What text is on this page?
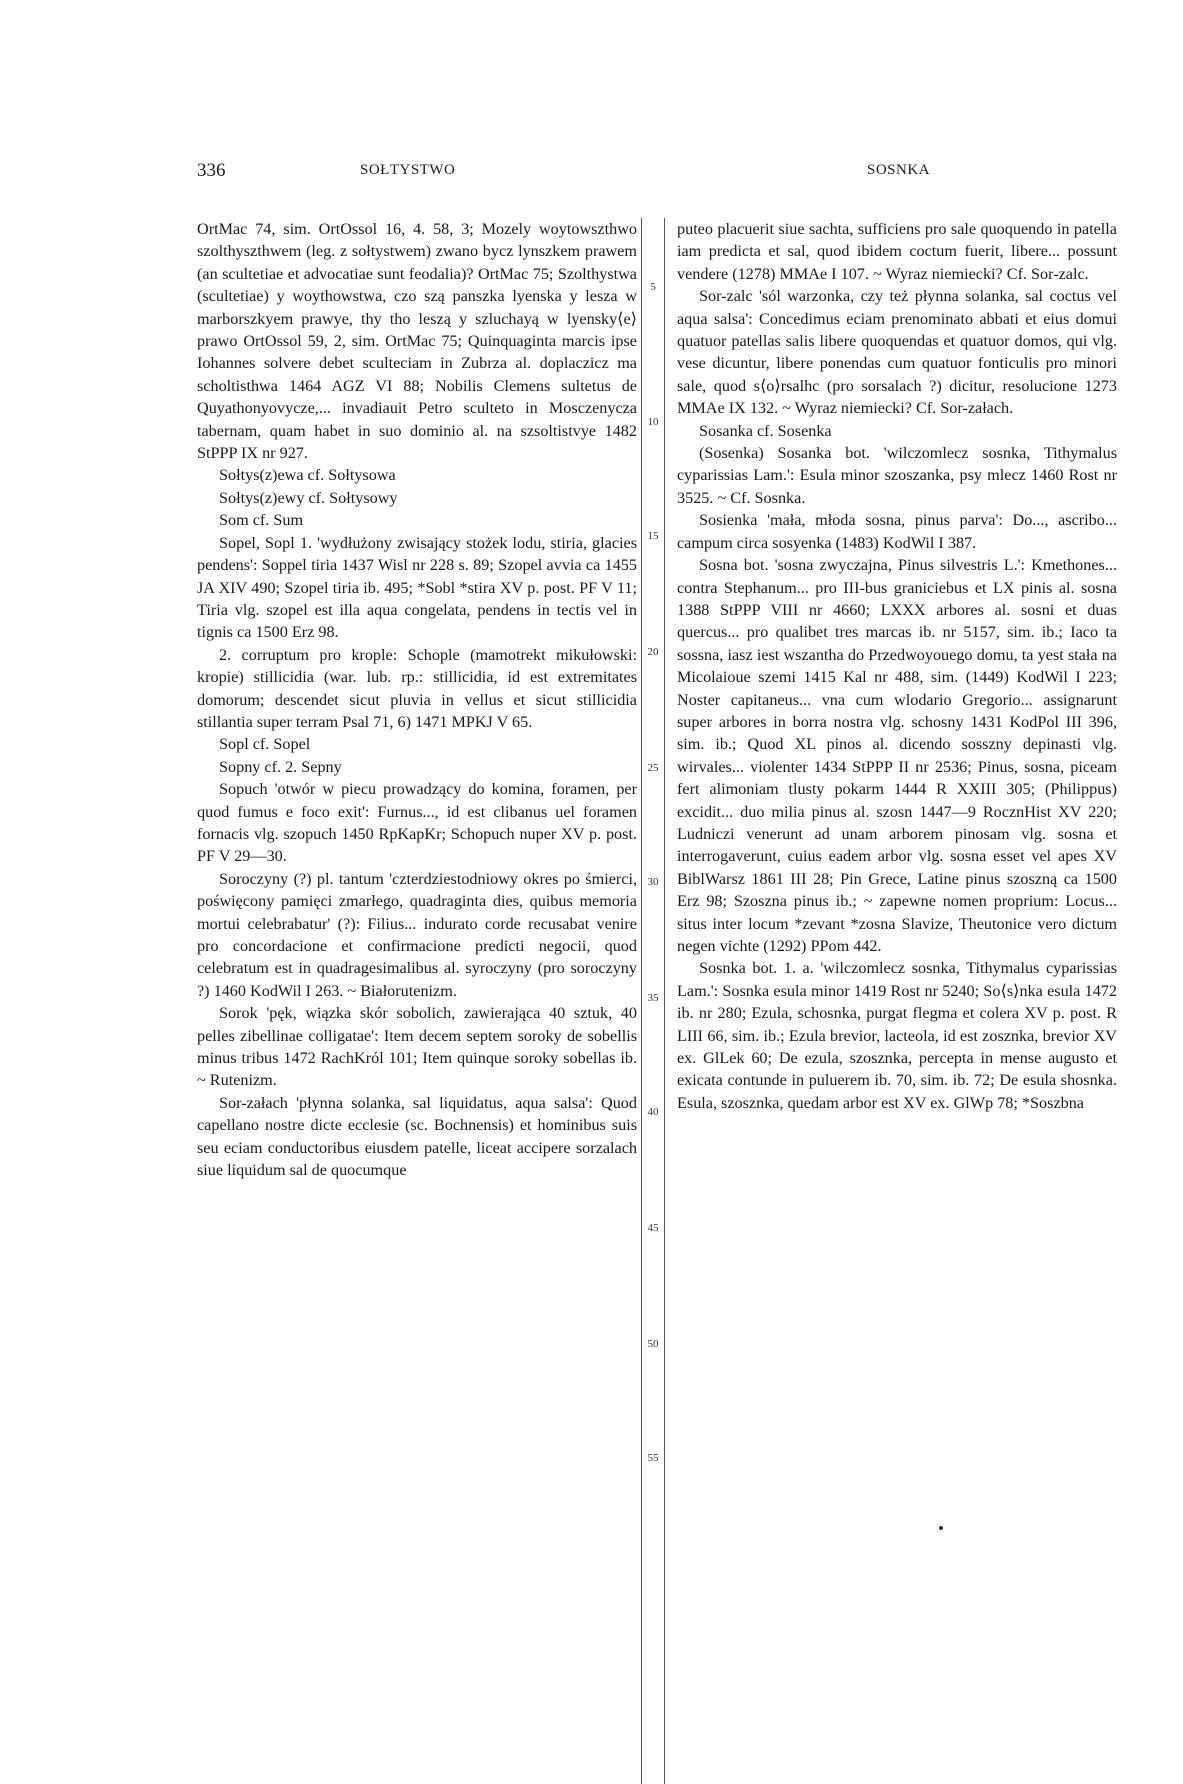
336	SOŁTYSTWO	SOSNKA

OrtMac 74, sim. OrtOssol 16, 4. 58, 3; Mozely woytowszthwo szolthyszthwem (leg. z sołtystwem) zwano bycz lynszkem prawem (an scultetiae et advocatiae sunt feodalia)? OrtMac 75; Szolthystwa (scultetiae) y woythowstwa, czo szą panszka lyenska y lesza w marborszkyem prawye, thy tho leszą y szluchayą w lyensky⟨e⟩ prawo OrtOssol 59, 2, sim. OrtMac 75; Quinquaginta marcis ipse Iohannes solvere debet sculteciam in Zubrza al. doplaczicz ma scholtisthwa 1464 AGZ VI 88; Nobilis Clemens sultetus de Quyathonyovycze,... invadiauit Petro sculteto in Mosczenycza tabernam, quam habet in suo dominio al. na szsoltistvye 1482 StPPP IX nr 927.

Sołtys(z)ewa cf. Sołtysowa

Sołtys(z)ewy cf. Sołtysowy

Som cf. Sum

Sopel, Sopl 1. 'wydłużony zwisający stożek lodu, stiria, glacies pendens': Soppel tiria 1437 Wisl nr 228 s. 89; Szopel avvia ca 1455 JA XIV 490; Szopel tiria ib. 495; *Sobl *stira XV p. post. PF V 11; Tiria vlg. szopel est illa aqua congelata, pendens in tectis vel in tignis ca 1500 Erz 98.

2. corruptum pro krople: Schople (mamotrekt mikułowski: kropie) stillicidia (war. lub. rp.: stillicidia, id est extremitates domorum; descendet sicut pluvia in vellus et sicut stillicidia stillantia super terram Psal 71, 6) 1471 MPKJ V 65.

Sopl cf. Sopel

Sopny cf. 2. Sepny

Sopuch 'otwór w piecu prowadzący do komina, foramen, per quod fumus e foco exit': Furnus..., id est clibanus uel foramen fornacis vlg. szopuch 1450 RpKapKr; Schopuch nuper XV p. post. PF V 29—30.

Soroczyny (?) pl. tantum 'czterdziestodniowy okres po śmierci, poświęcony pamięci zmarłego, quadraginta dies, quibus memoria mortui celebrabatur' (?): Filius... indurato corde recusabat venire pro concordacione et confirmacione predicti negocii, quod celebratum est in quadragesimalibus al. syroczyny (pro soroczyny ?) 1460 KodWil I 263. ~ Białorutenizm.

Sorok 'pęk, wiązka skór sobolich, zawierająca 40 sztuk, 40 pelles zibellinae colligatae': Item decem septem soroky de sobellis minus tribus 1472 RachKról 101; Item quinque soroky sobellas ib. ~ Rutenizm.

Sor-załach 'płynna solanka, sal liquidatus, aqua salsa': Quod capellano nostre dicte ecclesie (sc. Bochnensis) et hominibus suis seu eciam conductoribus eiusdem patelle, liceat accipere sorzalach siue liquidum sal de quocumque

5
10
15
20
25
30
35
40
45
50
55

puteo placuerit siue sachta, sufficiens pro sale quoquendo in patella iam predicta et sal, quod ibidem coctum fuerit, libere... possunt vendere (1278) MMAe I 107. ~ Wyraz niemiecki? Cf. Sor-zalc.

Sor-zalc 'sól warzonka, czy też płynna solanka, sal coctus vel aqua salsa': Concedimus eciam prenominato abbati et eius domui quatuor patellas salis libere quoquendas et quatuor domos, qui vlg. vese dicuntur, libere ponendas cum quatuor fonticulis pro minori sale, quod s⟨o⟩rsalhc (pro sorsalach ?) dicitur, resolucione 1273 MMAe IX 132. ~ Wyraz niemiecki? Cf. Sor-załach.

Sosanka cf. Sosenka

(Sosenka) Sosanka bot. 'wilczomlecz sosnka, Tithymalus cyparissias Lam.': Esula minor szoszanka, psy mlecz 1460 Rost nr 3525. ~ Cf. Sosnka.

Sosienka 'mała, młoda sosna, pinus parva': Do..., ascribo... campum circa sosyenka (1483) KodWil I 387.

Sosna bot. 'sosna zwyczajna, Pinus silvestris L.': Kmethones... contra Stephanum... pro III-bus graniciebus et LX pinis al. sosna 1388 StPPP VIII nr 4660; LXXX arbores al. sosni et duas quercus... pro qualibet tres marcas ib. nr 5157, sim. ib.; Iaco ta sossna, iasz iest wszantha do Przedwoyouego domu, ta yest stała na Micolaioue szemi 1415 Kal nr 488, sim. (1449) KodWil I 223; Noster capitaneus... vna cum wlodario Gregorio... assignarunt super arbores in borra nostra vlg. schosny 1431 KodPol III 396, sim. ib.; Quod XL pinos al. dicendo sosszny depinasti vlg. wirvales... violenter 1434 StPPP II nr 2536; Pinus, sosna, piceam fert alimoniam tlusty pokarm 1444 R XXIII 305; (Philippus) excidit... duo milia pinus al. szosn 1447—9 RocznHist XV 220; Ludniczi venerunt ad unam arborem pinosam vlg. sosna et interrogaverunt, cuius eadem arbor vlg. sosna esset vel apes XV BiblWarsz 1861 III 28; Pin Grece, Latine pinus szoszną ca 1500 Erz 98; Szoszna pinus ib.; ~ zapewne nomen proprium: Locus... situs inter locum *zevant *zosna Slavize, Theutonice vero dictum negen vichte (1292) PPom 442.

Sosnka bot. 1. a. 'wilczomlecz sosnka, Tithymalus cyparissias Lam.': Sosnka esula minor 1419 Rost nr 5240; So⟨s⟩nka esula 1472 ib. nr 280; Ezula, schosnka, purgat flegma et colera XV p. post. R LIII 66, sim. ib.; Ezula brevior, lacteola, id est zosznka, brevior XV ex. GlLek 60; De ezula, szosznka, percepta in mense augusto et exicata contunde in puluerem ib. 70, sim. ib. 72; De esula shosnka. Esula, szosznka, quedam arbor est XV ex. GlWp 78; *Soszbna
